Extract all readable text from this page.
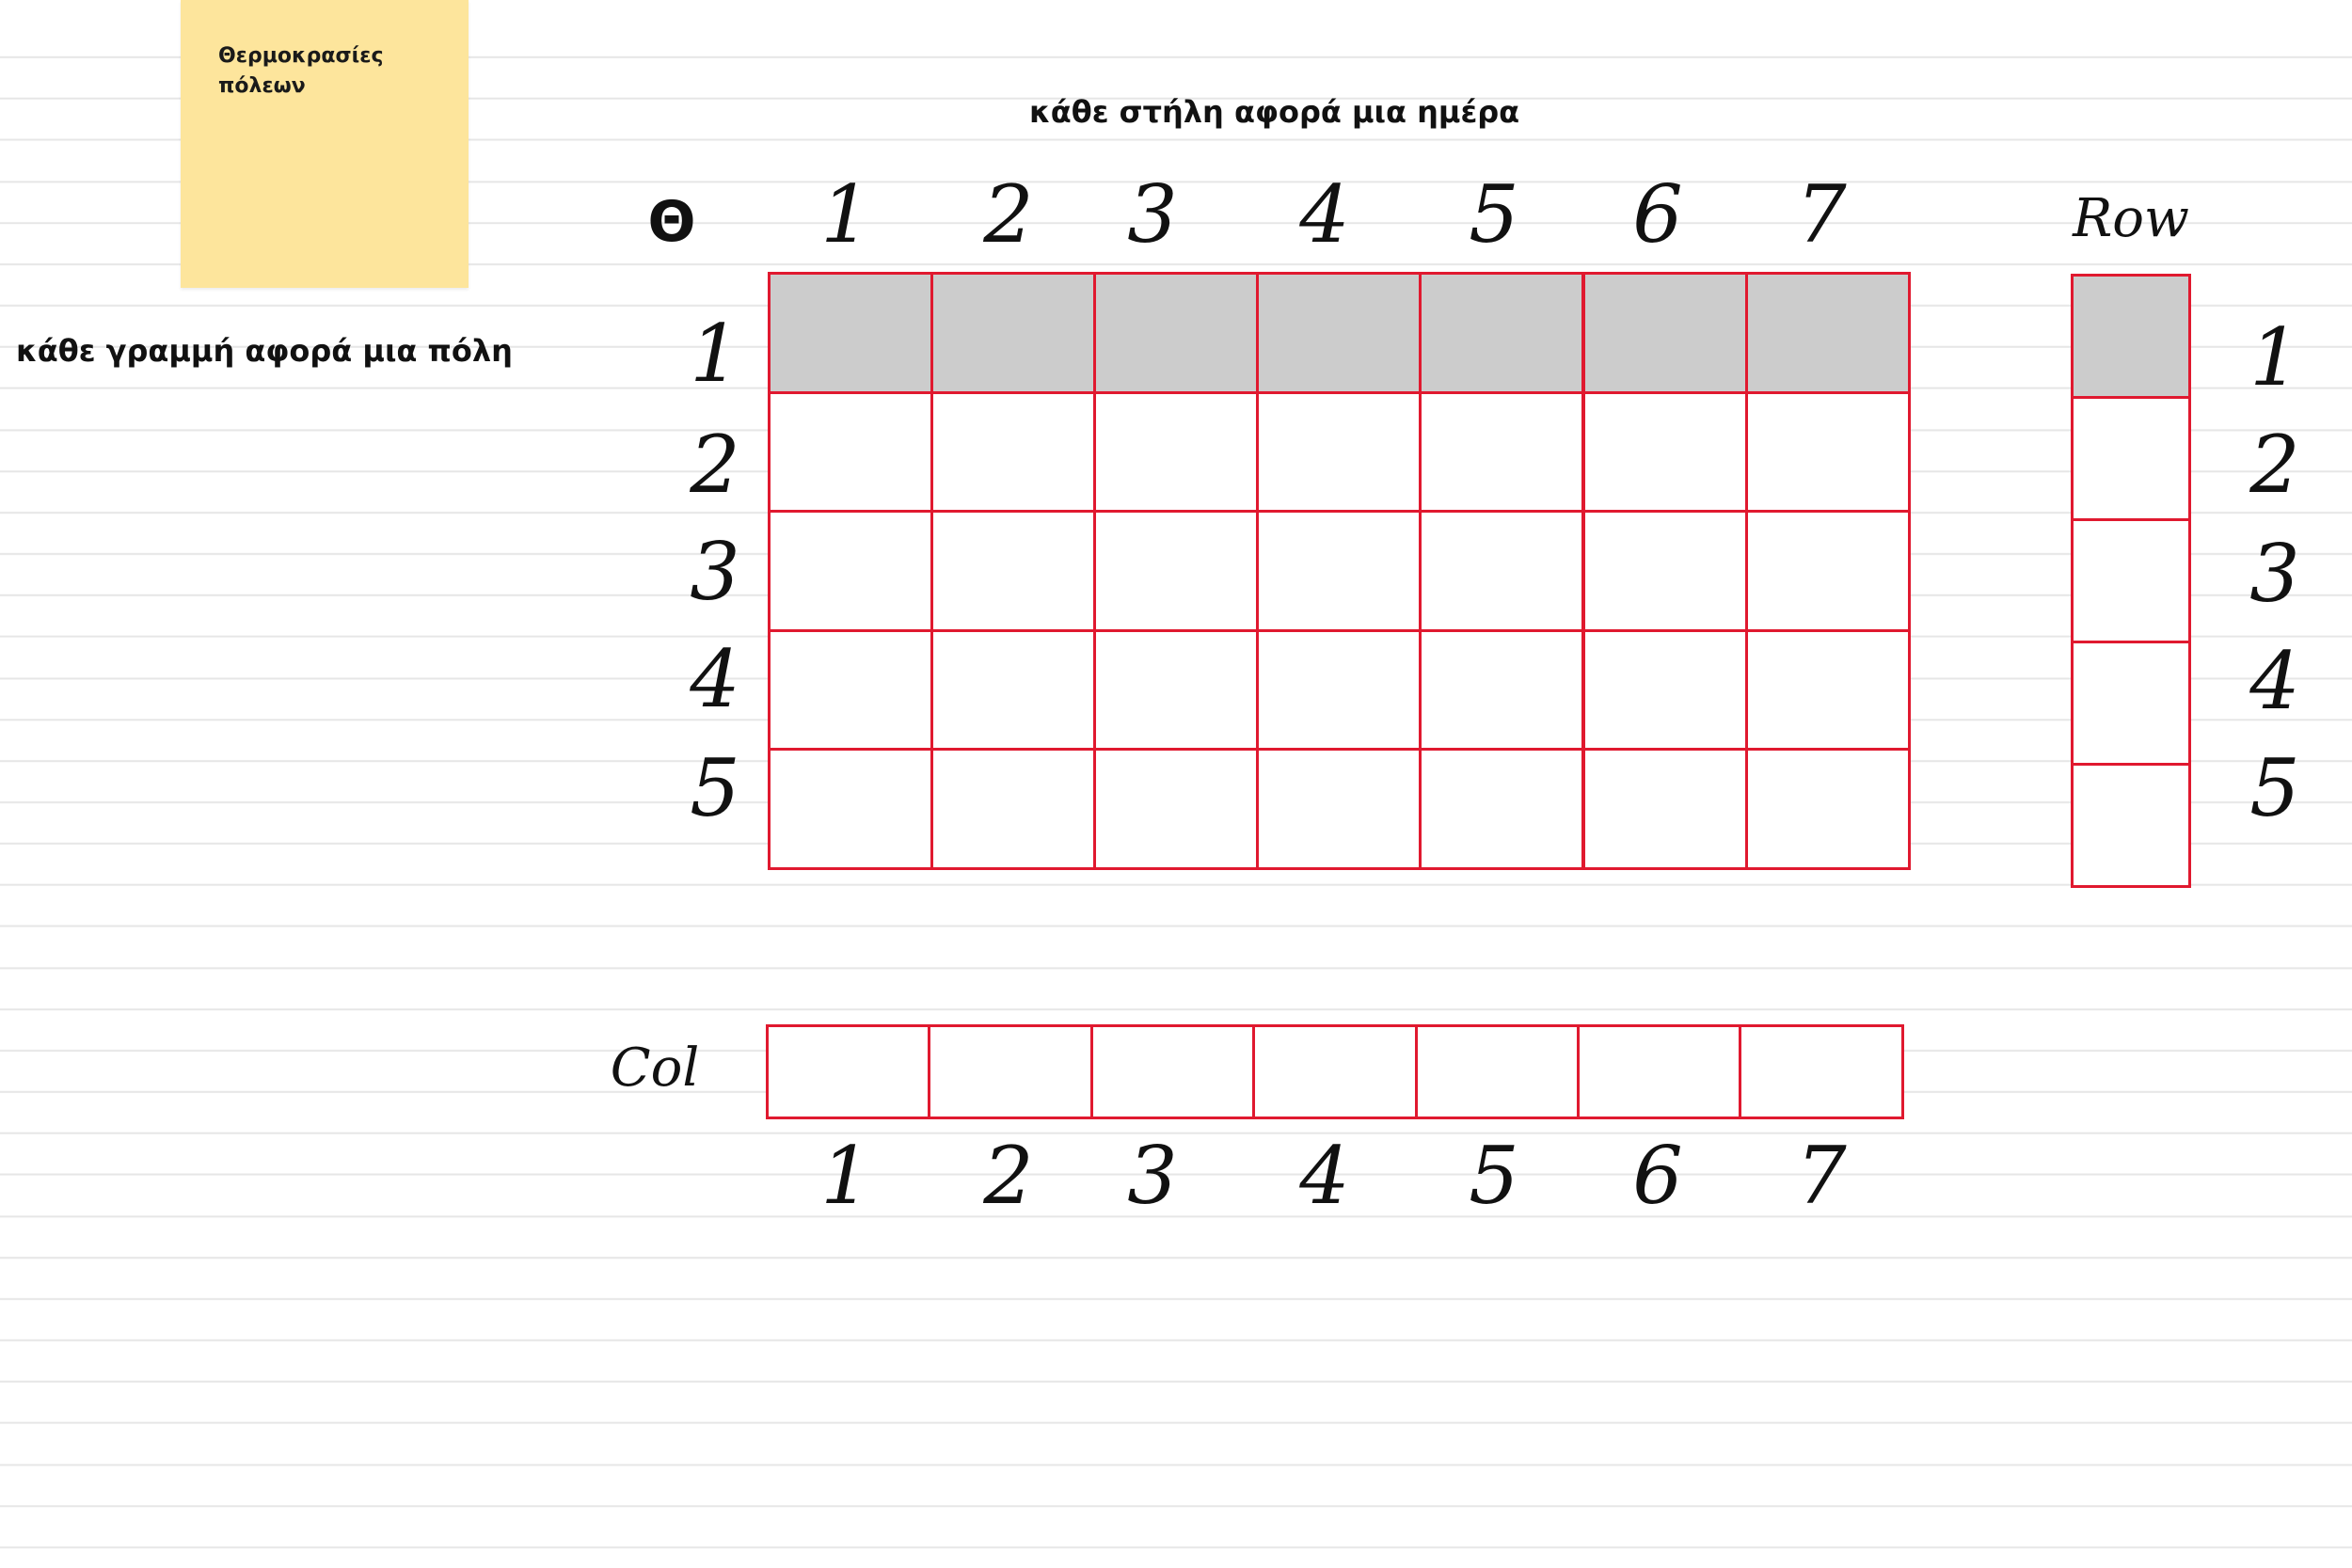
Θερμοκρασίες πόλεων
κάθε στήλη αφορά μια ημέρα
κάθε γραμμή αφορά μια πόλη
Θ 1 2 3 4 5 6 7
1
2
3
4
5
Row
1
2
3
4
5
Col
1 2 3 4 5 6 7
